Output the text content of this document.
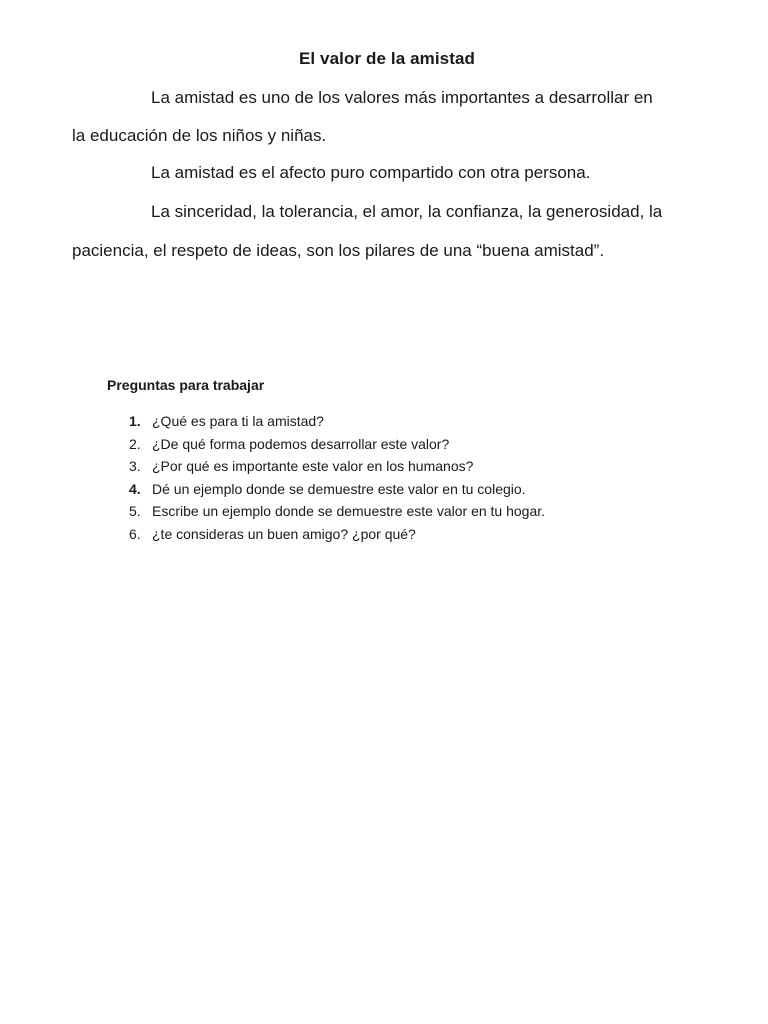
El valor de la amistad
La amistad es uno de los valores más importantes a desarrollar en
la educación de los niños y niñas.
La amistad es el afecto puro compartido con otra persona.
La sinceridad, la tolerancia, el amor, la confianza, la generosidad, la
paciencia, el respeto de ideas, son los pilares de una “buena amistad”.
Preguntas para trabajar
1. ¿Qué es para ti la amistad?
2. ¿De qué forma podemos desarrollar este valor?
3. ¿Por qué es importante este valor en los humanos?
4. Dé un ejemplo donde se demuestre este valor en tu colegio.
5. Escribe un ejemplo donde se demuestre este valor en tu hogar.
6. ¿te consideras un buen amigo? ¿por qué?
